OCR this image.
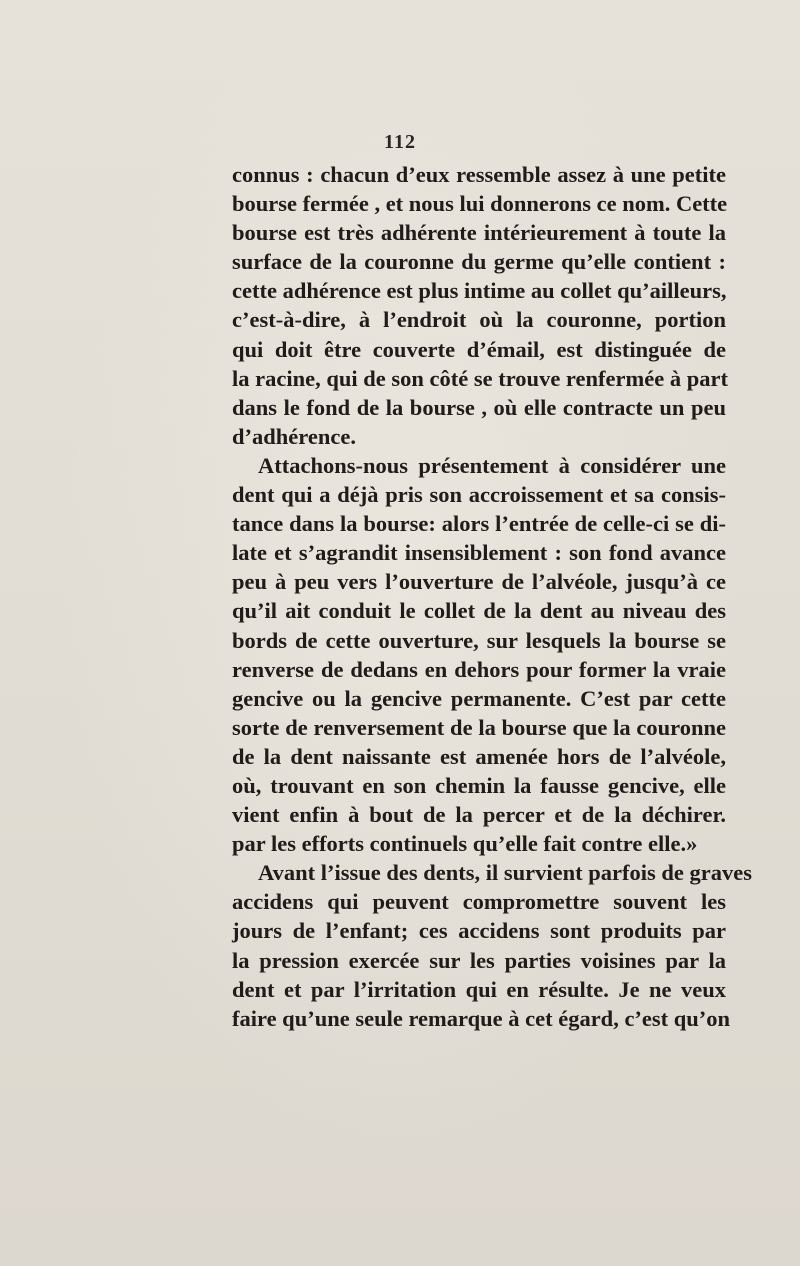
112
connus : chacun d’eux ressemble assez à une petite
bourse fermée , et nous lui donnerons ce nom. Cette
bourse est très adhérente intérieurement à toute la
surface de la couronne du germe qu’elle contient :
cette adhérence est plus intime au collet qu’ailleurs,
c’est-à-dire, à l’endroit où la couronne, portion
qui doit être couverte d’émail, est distinguée de
la racine, qui de son côté se trouve renfermée à part
dans le fond de la bourse , où elle contracte un peu
d’adhérence.
Attachons-nous présentement à considérer une
dent qui a déjà pris son accroissement et sa consis-
tance dans la bourse: alors l’entrée de celle-ci se di-
late et s’agrandit insensiblement : son fond avance
peu à peu vers l’ouverture de l’alvéole, jusqu’à ce
qu’il ait conduit le collet de la dent au niveau des
bords de cette ouverture, sur lesquels la bourse se
renverse de dedans en dehors pour former la vraie
gencive ou la gencive permanente. C’est par cette
sorte de renversement de la bourse que la couronne
de la dent naissante est amenée hors de l’alvéole,
où, trouvant en son chemin la fausse gencive, elle
vient enfin à bout de la percer et de la déchirer.
par les efforts continuels qu’elle fait contre elle.»
Avant l’issue des dents, il survient parfois de graves
accidens qui peuvent compromettre souvent les
jours de l’enfant; ces accidens sont produits par
la pression exercée sur les parties voisines par la
dent et par l’irritation qui en résulte. Je ne veux
faire qu’une seule remarque à cet égard, c’est qu’on
